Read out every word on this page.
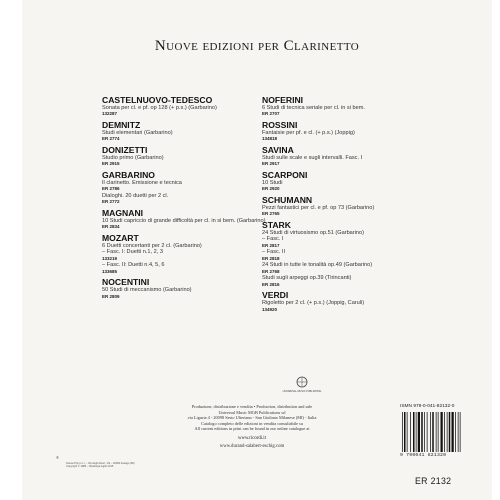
Nuove edizioni per Clarinetto
CASTELNUOVO-TEDESCO
Sonata per cl. e pf. op 128 (+ p.s.) (Garbarino)
132287
DEMNITZ
Studi elementari (Garbarino)
ER 2774
DONIZETTI
Studio primo (Garbarino)
ER 2915
GARBARINO
Il clarinetto. Emissione e tecnica
ER 2786
Dialoghi. 20 duetti per 2 cl.
ER 2772
MAGNANI
10 Studi capriccio di grande difficoltà per cl. in si bem. (Garbarino)
ER 2834
MOZART
6 Duetti concertanti per 2 cl. (Garbarino)
– Fasc. I: Duetti n.1, 2, 3
133219
– Fasc. II: Duetti n.4, 5, 6
133685
NOCENTINI
50 Studi di meccanismo (Garbarino)
ER 2809
NOFERINI
6 Studi di tecnica seriale per cl. in si bem.
ER 2707
ROSSINI
Fantaisie per pf. e cl. (+ p.s.) (Joppig)
134818
SAVINA
Studi sulle scale e sugli intervalli. Fasc. I
ER 2917
SCARPONI
10 Studi
ER 2920
SCHUMANN
Pezzi fantastici per cl. e pf. op 73 (Garbarino)
ER 2765
STARK
24 Studi di virtuosismo op.51 (Garbarino)
– Fasc. I
ER 2817
– Fasc. II
ER 2818
24 Studi in tutte le tonalità op.49 (Garbarino)
ER 2768
Studi sugli arpeggi op.39 (Tirincanti)
ER 2816
VERDI
Rigoletto per 2 cl. (+ p.s.) (Joppig, Caruli)
134920
UNIVERSAL MUSIC PUBLISHING
Produzione, distribuzione e vendita • Production, distribution and sale
Universal Music MGB Publications srl
via Liguria 4 - 20098 Sesto Ulteriano - San Giuliano Milanese (MI) - Italia
Catalogo completo delle edizioni in vendita consultabile su
All current editions in print can be found in our online catalogue at
www.ricordi.it
www.durand-salabert-eschig.com
ISMN 979-0-041-82132-0
9 790041 821320
ER 2132
®
Nuova Print s.r.l. – Via degli Astori, 1/3 – 20090 Assago (Mi)
Copyright © 1986 – Ristampa luglio 2015
